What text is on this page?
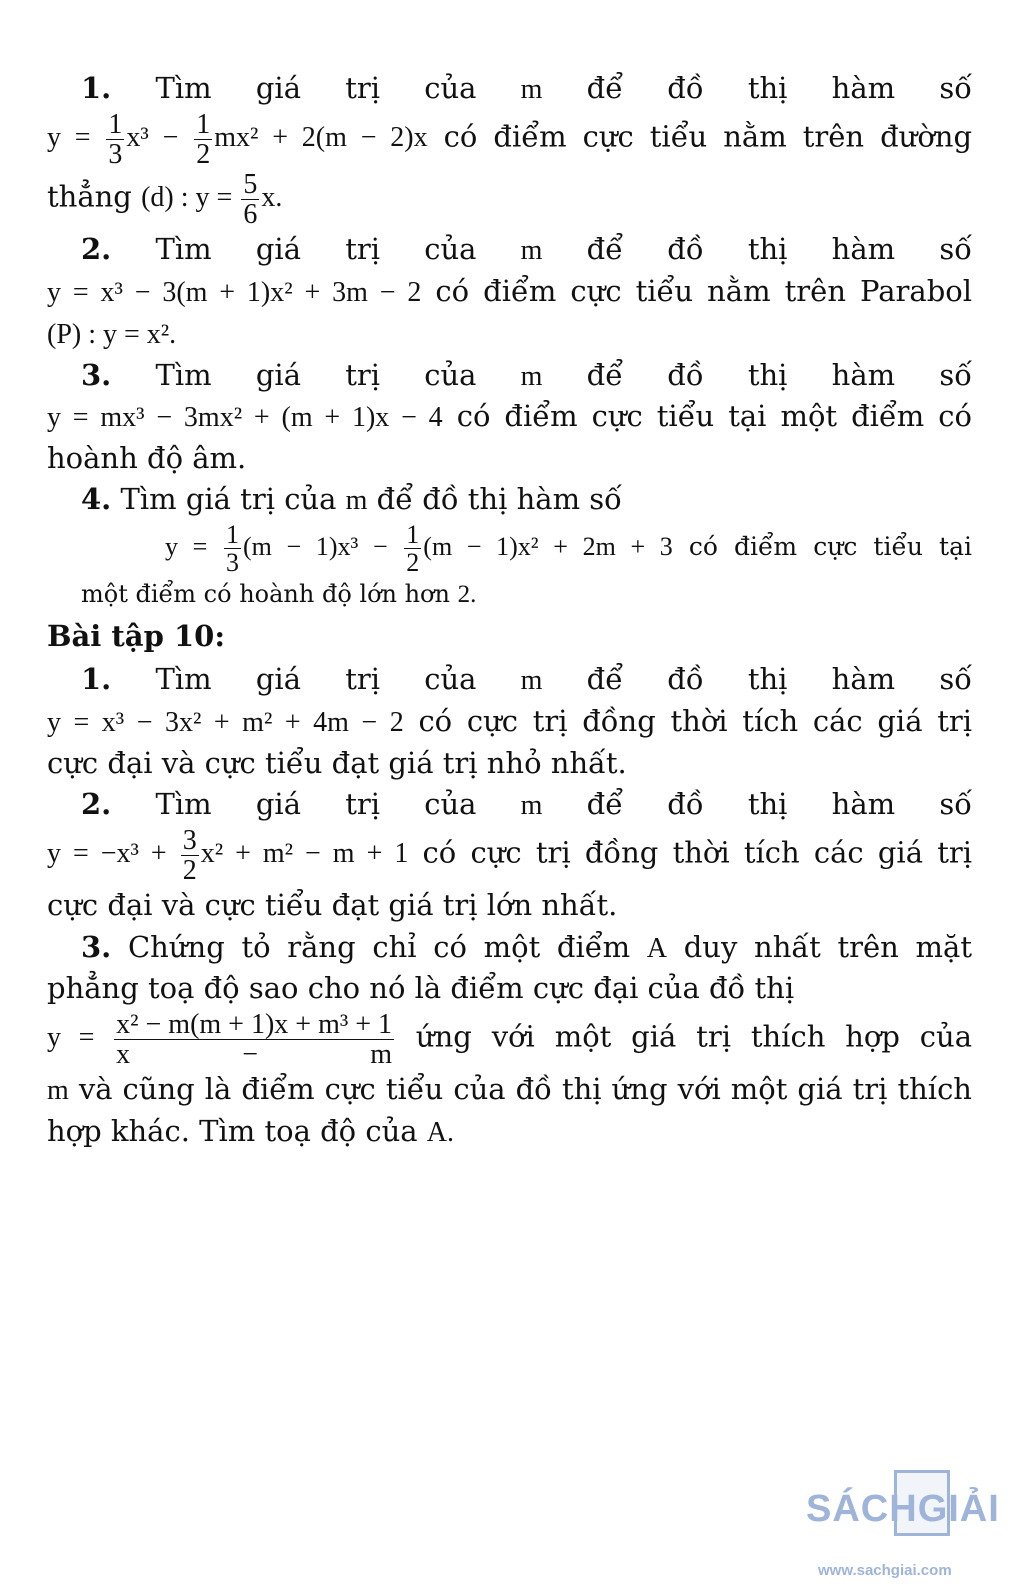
1. Tìm giá trị của m để đồ thị hàm số

$y = \frac{1}{3} x^3 - \frac{1}{2} mx^2 + 2(m - 2)x$ có điểm cực tiểu nằm trên đường

thẳng (d) : $y = \frac{5}{6} x$.

2. Tìm giá trị của m để đồ thị hàm số

y = x³ − 3(m + 1)x² + 3m − 2 có điểm cực tiểu nằm trên Parabol

(P) : y = x².

3. Tìm giá trị của m để đồ thị hàm số

y = mx³ − 3mx² + (m + 1)x − 4 có điểm cực tiểu tại một điểm có

hoành độ âm.

4. Tìm giá trị của m để đồ thị hàm số

$y = \frac{1}{3} (m - 1)x^3 - \frac{1}{2} (m - 1)x^2 + 2m + 3$ có điểm cực tiểu tại

một điểm có hoành độ lớn hơn 2.

Bài tập 10:

1. Tìm giá trị của m để đồ thị hàm số

y = x³ − 3x² + m² + 4m − 2 có cực trị đồng thời tích các giá trị

cực đại và cực tiểu đạt giá trị nhỏ nhất.

2. Tìm giá trị của m để đồ thị hàm số

$y = -x^3 + \frac{3}{2} x^2 + m^2 - m + 1$ có cực trị đồng thời tích các giá trị

cực đại và cực tiểu đạt giá trị lớn nhất.

3. Chứng tỏ rằng chỉ có một điểm A duy nhất trên mặt phẳng toạ độ sao cho nó là điểm cực đại của đồ thị

$y = \frac{\text{x² − m(m + 1)x + m³ + 1}}{x - m}$ ứng với một giá trị thích hợp của

m và cũng là điểm cực tiểu của đồ thị ứng với một giá trị thích hợp khác. Tìm toạ độ của A.

SÁCHGIẢI
www.sachgiai.com
